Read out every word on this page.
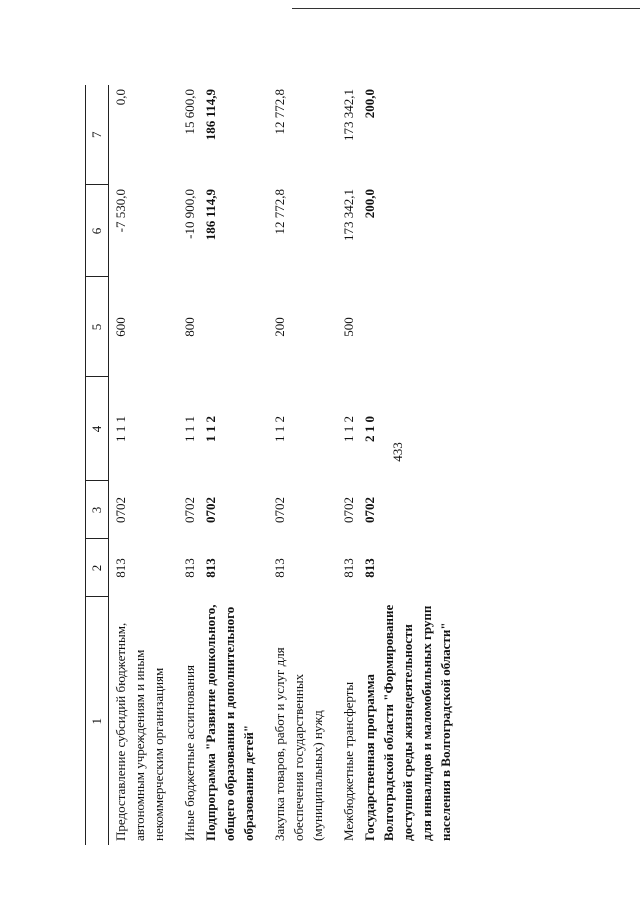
433
1	2	3	4	5	6	7
Предоставление субсидий бюджетным, автономным учреждениям и иным некоммерческим организациям	813	0702	1 1 1	600	-7 530,0	0,0
Иные бюджетные ассигнования	813	0702	1 1 1	800	-10 900,0	15 600,0
Подпрограмма "Развитие дошкольного, общего образования и дополнительного образования детей"	813	0702	1 1 2		186 114,9	186 114,9
Закупка товаров, работ и услуг для обеспечения государственных (муниципальных) нужд	813	0702	1 1 2	200	12 772,8	12 772,8
Межбюджетные трансферты	813	0702	1 1 2	500	173 342,1	173 342,1
Государственная программа Волгоградской области "Формирование доступной среды жизнедеятельности для инвалидов и маломобильных групп населения в Волгоградской области"	813	0702	2 1 0		200,0	200,0
